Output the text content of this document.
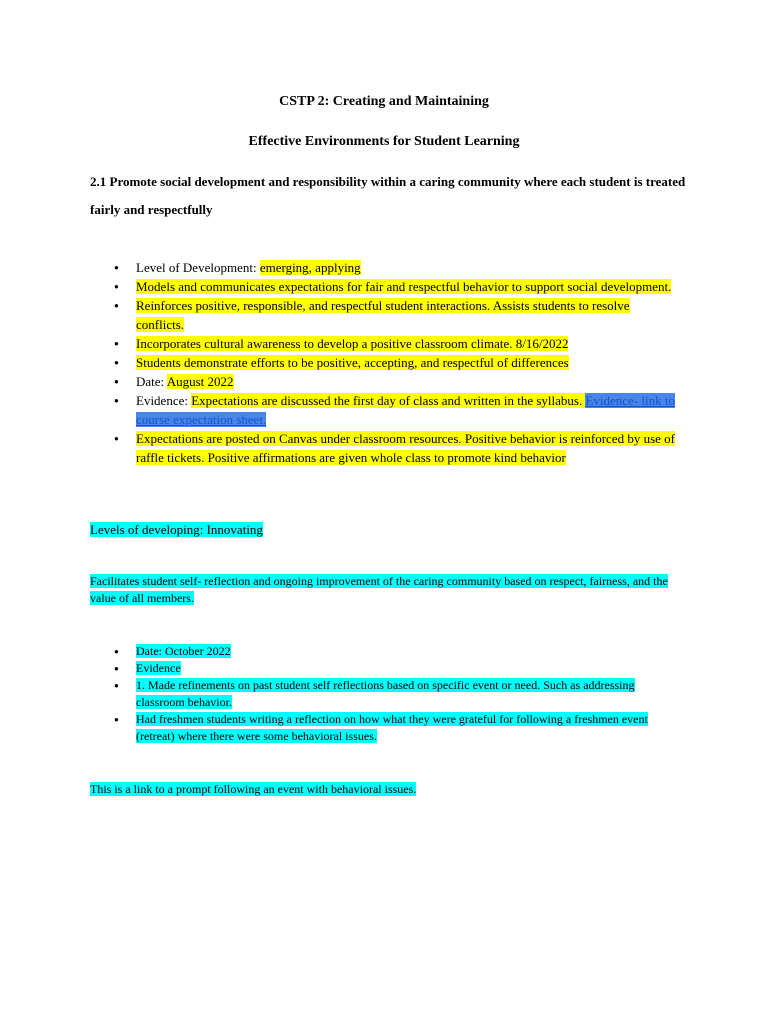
CSTP 2: Creating and Maintaining
Effective Environments for Student Learning
2.1 Promote social development and responsibility within a caring community where each student is treated fairly and respectfully
● Level of Development: emerging, applying
● Models and communicates expectations for fair and respectful behavior to support social development.
● Reinforces positive, responsible, and respectful student interactions. Assists students to resolve conflicts.
● Incorporates cultural awareness to develop a positive classroom climate. 8/16/2022
● Students demonstrate efforts to be positive, accepting, and respectful of differences
● Date: August 2022
● Evidence: Expectations are discussed the first day of class and written in the syllabus. Evidence- link to course expectation sheet.
● Expectations are posted on Canvas under classroom resources. Positive behavior is reinforced by use of raffle tickets. Positive affirmations are given whole class to promote kind behavior
Levels of developing: Innovating
Facilitates student self- reflection and ongoing improvement of the caring community based on respect, fairness, and the value of all members.
● Date: October 2022
● Evidence
● 1. Made refinements on past student self reflections based on specific event or need. Such as addressing classroom behavior.
● Had freshmen students writing a reflection on how what they were grateful for following a freshmen event (retreat) where there were some behavioral issues.
This is a link to a prompt following an event with behavioral issues.
